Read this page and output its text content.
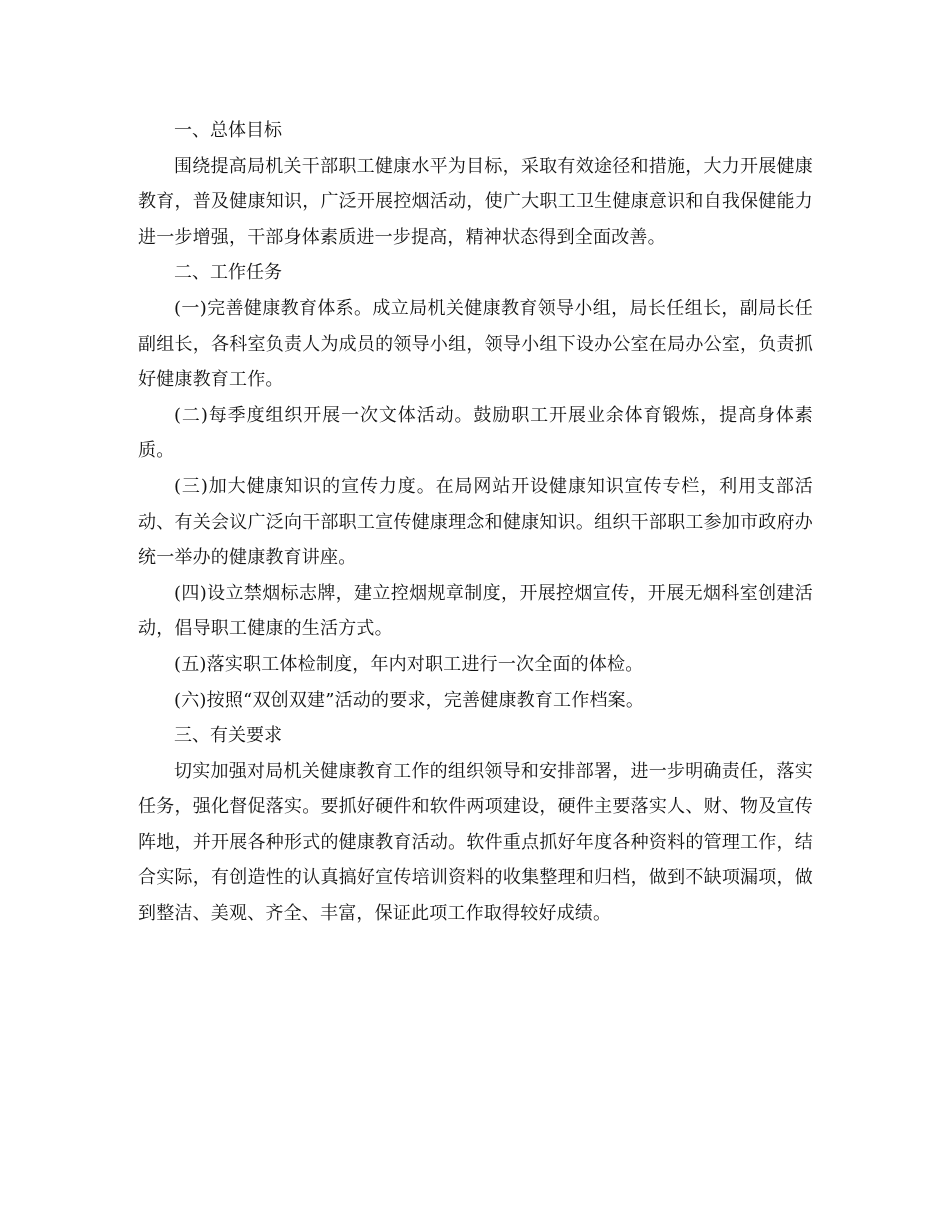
一、总体目标

围绕提高局机关干部职工健康水平为目标，采取有效途径和措施，大力开展健康教育，普及健康知识，广泛开展控烟活动，使广大职工卫生健康意识和自我保健能力进一步增强，干部身体素质进一步提高，精神状态得到全面改善。

二、工作任务

(一)完善健康教育体系。成立局机关健康教育领导小组，局长任组长，副局长任副组长，各科室负责人为成员的领导小组，领导小组下设办公室在局办公室，负责抓好健康教育工作。

(二)每季度组织开展一次文体活动。鼓励职工开展业余体育锻炼，提高身体素质。

(三)加大健康知识的宣传力度。在局网站开设健康知识宣传专栏，利用支部活动、有关会议广泛向干部职工宣传健康理念和健康知识。组织干部职工参加市政府办统一举办的健康教育讲座。

(四)设立禁烟标志牌，建立控烟规章制度，开展控烟宣传，开展无烟科室创建活动，倡导职工健康的生活方式。

(五)落实职工体检制度，年内对职工进行一次全面的体检。

(六)按照“双创双建”活动的要求，完善健康教育工作档案。

三、有关要求

切实加强对局机关健康教育工作的组织领导和安排部署，进一步明确责任，落实任务，强化督促落实。要抓好硬件和软件两项建设，硬件主要落实人、财、物及宣传阵地，并开展各种形式的健康教育活动。软件重点抓好年度各种资料的管理工作，结合实际，有创造性的认真搞好宣传培训资料的收集整理和归档，做到不缺项漏项，做到整洁、美观、齐全、丰富，保证此项工作取得较好成绩。
